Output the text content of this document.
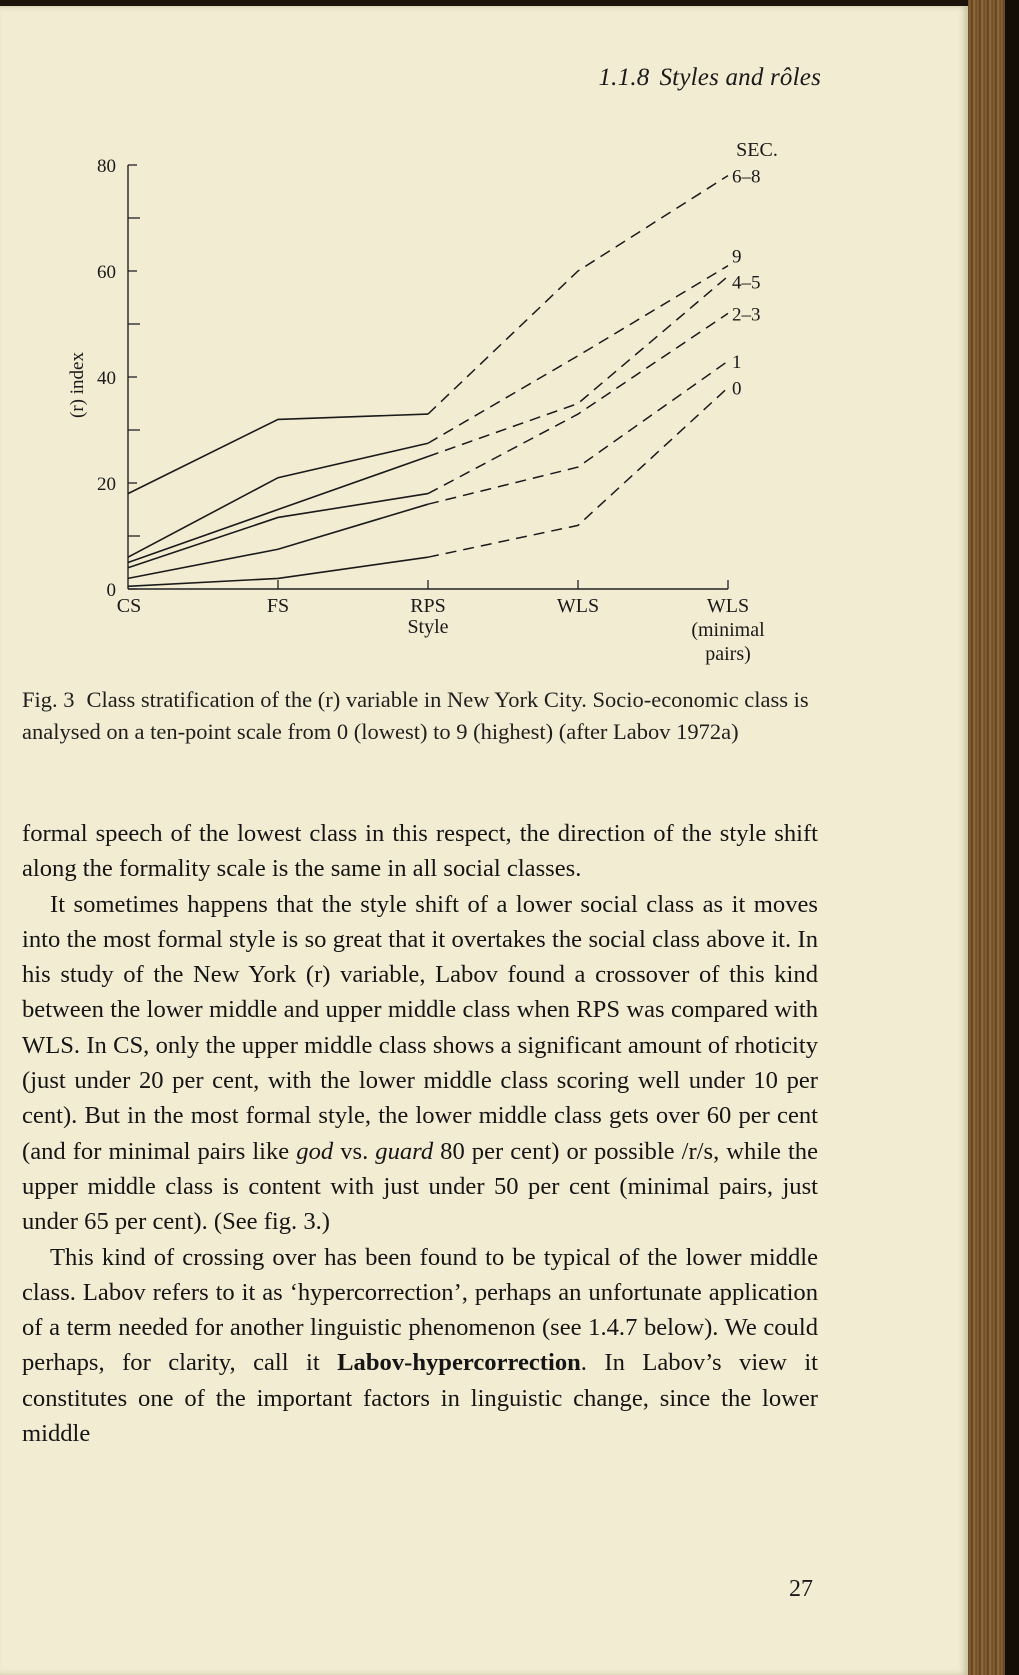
1.1.8 Styles and rôles
0
20
40
60
80
(r) index
CS	FS	RPS	WLS	WLS
(minimal
pairs)
Style
SEC.
6–8
9
4–5
2–3
1
0
Fig. 3 Class stratification of the (r) variable in New York City. Socio-economic class is analysed on a ten-point scale from 0 (lowest) to 9 (highest) (after Labov 1972a)

formal speech of the lowest class in this respect, the direction of the style shift along the formality scale is the same in all social classes.

It sometimes happens that the style shift of a lower social class as it moves into the most formal style is so great that it overtakes the social class above it. In his study of the New York (r) variable, Labov found a crossover of this kind between the lower middle and upper middle class when RPS was compared with WLS. In CS, only the upper middle class shows a significant amount of rhoticity (just under 20 per cent, with the lower middle class scoring well under 10 per cent). But in the most formal style, the lower middle class gets over 60 per cent (and for minimal pairs like god vs. guard 80 per cent) or possible /r/s, while the upper middle class is content with just under 50 per cent (minimal pairs, just under 65 per cent). (See fig. 3.)

This kind of crossing over has been found to be typical of the lower middle class. Labov refers to it as ‘hypercorrection’, perhaps an unfortunate application of a term needed for another linguistic phenomenon (see 1.4.7 below). We could perhaps, for clarity, call it Labov-hypercorrection. In Labov’s view it constitutes one of the important factors in linguistic change, since the lower middle

27
